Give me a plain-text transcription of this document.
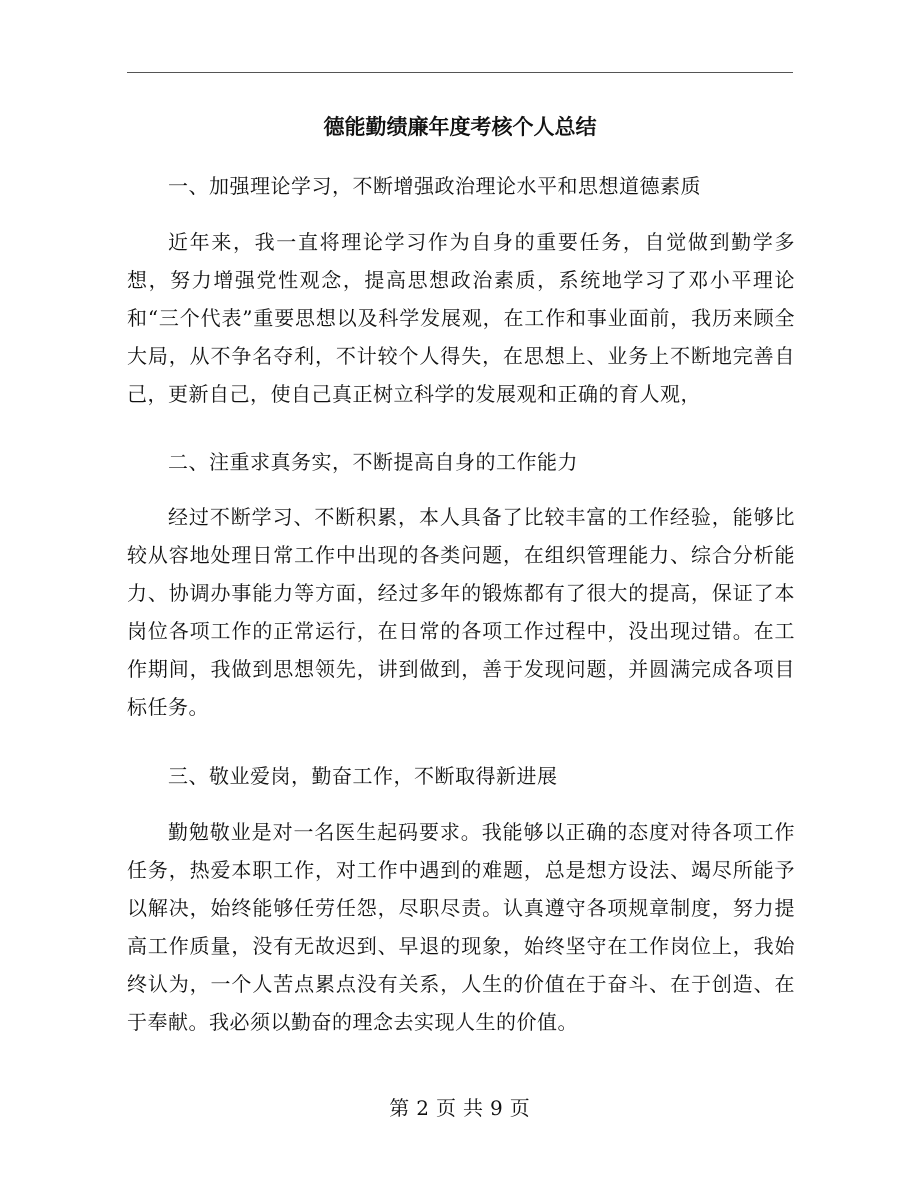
德能勤绩廉年度考核个人总结

一、加强理论学习，不断增强政治理论水平和思想道德素质

近年来，我一直将理论学习作为自身的重要任务，自觉做到勤学多想，努力增强党性观念，提高思想政治素质，系统地学习了邓小平理论和“三个代表”重要思想以及科学发展观，在工作和事业面前，我历来顾全大局，从不争名夺利，不计较个人得失，在思想上、业务上不断地完善自己，更新自己，使自己真正树立科学的发展观和正确的育人观，

二、注重求真务实，不断提高自身的工作能力

经过不断学习、不断积累，本人具备了比较丰富的工作经验，能够比较从容地处理日常工作中出现的各类问题，在组织管理能力、综合分析能力、协调办事能力等方面，经过多年的锻炼都有了很大的提高，保证了本岗位各项工作的正常运行，在日常的各项工作过程中，没出现过错。在工作期间，我做到思想领先，讲到做到，善于发现问题，并圆满完成各项目标任务。

三、敬业爱岗，勤奋工作，不断取得新进展

勤勉敬业是对一名医生起码要求。我能够以正确的态度对待各项工作任务，热爱本职工作，对工作中遇到的难题，总是想方设法、竭尽所能予以解决，始终能够任劳任怨，尽职尽责。认真遵守各项规章制度，努力提高工作质量，没有无故迟到、早退的现象，始终坚守在工作岗位上，我始终认为，一个人苦点累点没有关系，人生的价值在于奋斗、在于创造、在于奉献。我必须以勤奋的理念去实现人生的价值。

第 2 页 共 9 页
